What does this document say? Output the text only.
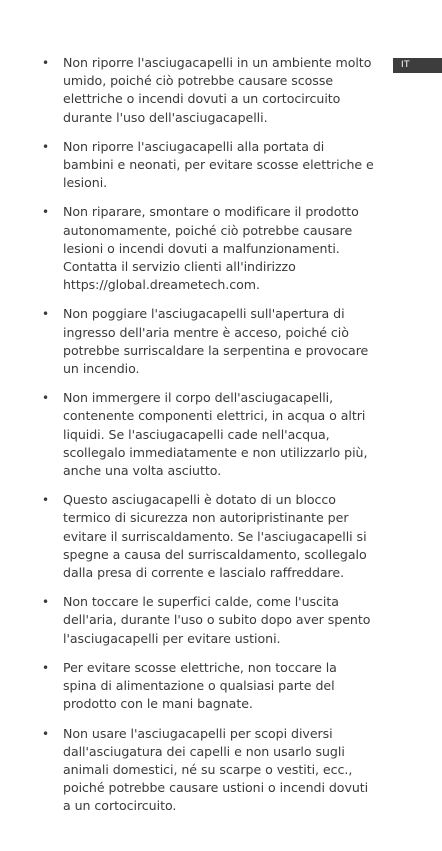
IT
• Non riporre l'asciugacapelli in un ambiente molto umido, poiché ciò potrebbe causare scosse elettriche o incendi dovuti a un cortocircuito durante l'uso dell'asciugacapelli.
• Non riporre l'asciugacapelli alla portata di bambini e neonati, per evitare scosse elettriche e lesioni.
• Non riparare, smontare o modificare il prodotto autonomamente, poiché ciò potrebbe causare lesioni o incendi dovuti a malfunzionamenti. Contatta il servizio clienti all'indirizzo https://global.dreametech.com.
• Non poggiare l'asciugacapelli sull'apertura di ingresso dell'aria mentre è acceso, poiché ciò potrebbe surriscaldare la serpentina e provocare un incendio.
• Non immergere il corpo dell'asciugacapelli, contenente componenti elettrici, in acqua o altri liquidi. Se l'asciugacapelli cade nell'acqua, scollegalo immediatamente e non utilizzarlo più, anche una volta asciutto.
• Questo asciugacapelli è dotato di un blocco termico di sicurezza non autoripristinante per evitare il surriscaldamento. Se l'asciugacapelli si spegne a causa del surriscaldamento, scollegalo dalla presa di corrente e lascialo raffreddare.
• Non toccare le superfici calde, come l'uscita dell'aria, durante l'uso o subito dopo aver spento l'asciugacapelli per evitare ustioni.
• Per evitare scosse elettriche, non toccare la spina di alimentazione o qualsiasi parte del prodotto con le mani bagnate.
• Non usare l'asciugacapelli per scopi diversi dall'asciugatura dei capelli e non usarlo sugli animali domestici, né su scarpe o vestiti, ecc., poiché potrebbe causare ustioni o incendi dovuti a un cortocircuito.
